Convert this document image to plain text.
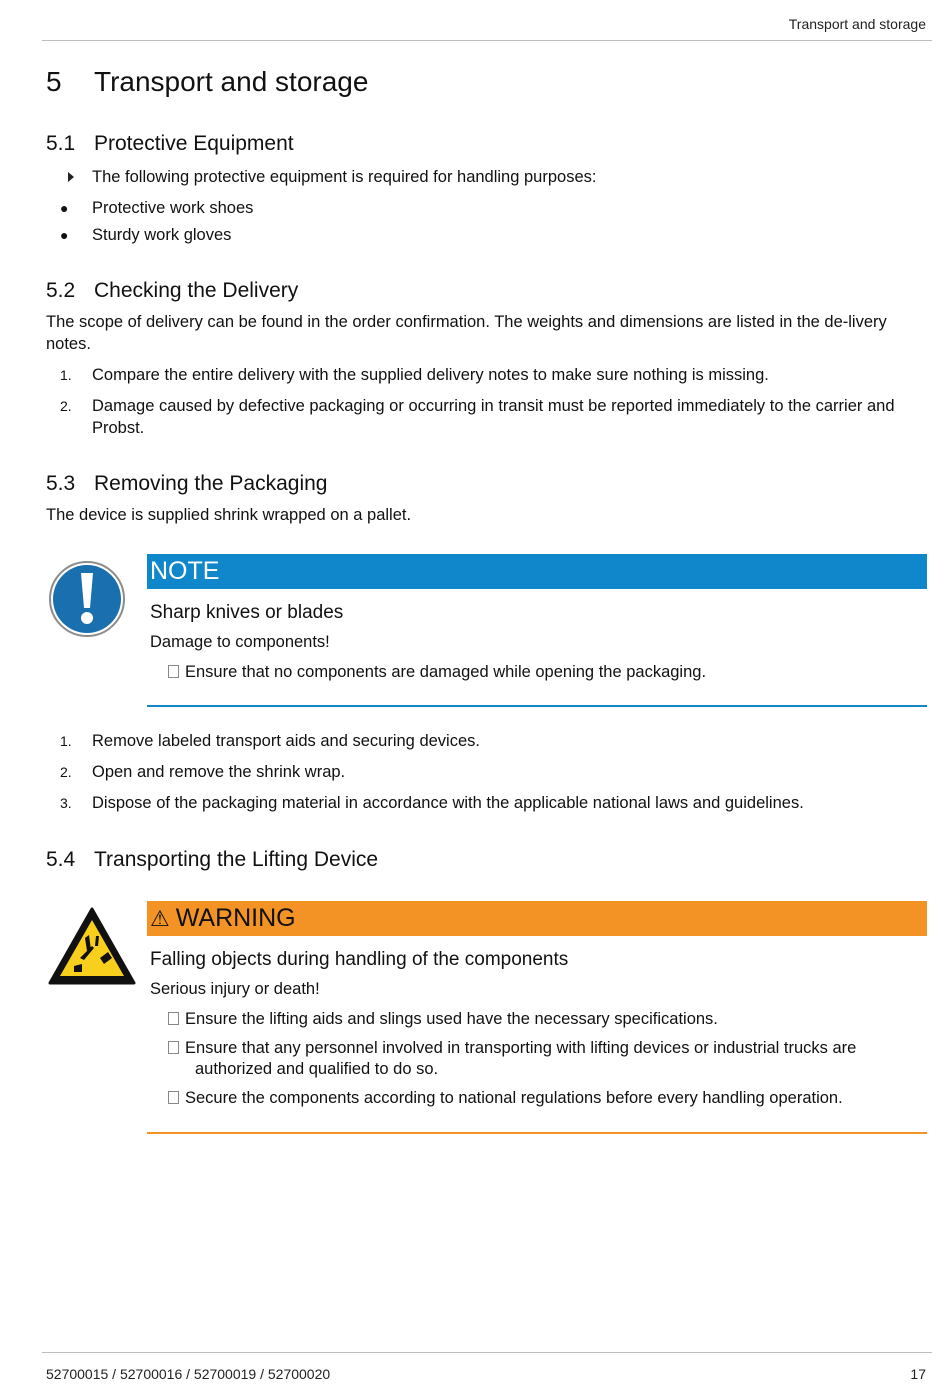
Transport and storage
5 Transport and storage
5.1 Protective Equipment
The following protective equipment is required for handling purposes:
●	Protective work shoes
●	Sturdy work gloves
5.2 Checking the Delivery
The scope of delivery can be found in the order confirmation. The weights and dimensions are listed in the de-livery notes.
1.	Compare the entire delivery with the supplied delivery notes to make sure nothing is missing.
2.	Damage caused by defective packaging or occurring in transit must be reported immediately to the carrier and Probst.
5.3 Removing the Packaging
The device is supplied shrink wrapped on a pallet.
NOTE
Sharp knives or blades
Damage to components!
Ensure that no components are damaged while opening the packaging.
1.	Remove labeled transport aids and securing devices.
2.	Open and remove the shrink wrap.
3.	Dispose of the packaging material in accordance with the applicable national laws and guidelines.
5.4 Transporting the Lifting Device
⚠ WARNING
Falling objects during handling of the components
Serious injury or death!
Ensure the lifting aids and slings used have the necessary specifications.
Ensure that any personnel involved in transporting with lifting devices or industrial trucks are
authorized and qualified to do so.
Secure the components according to national regulations before every handling operation.
52700015 / 52700016 / 52700019 / 52700020	17
